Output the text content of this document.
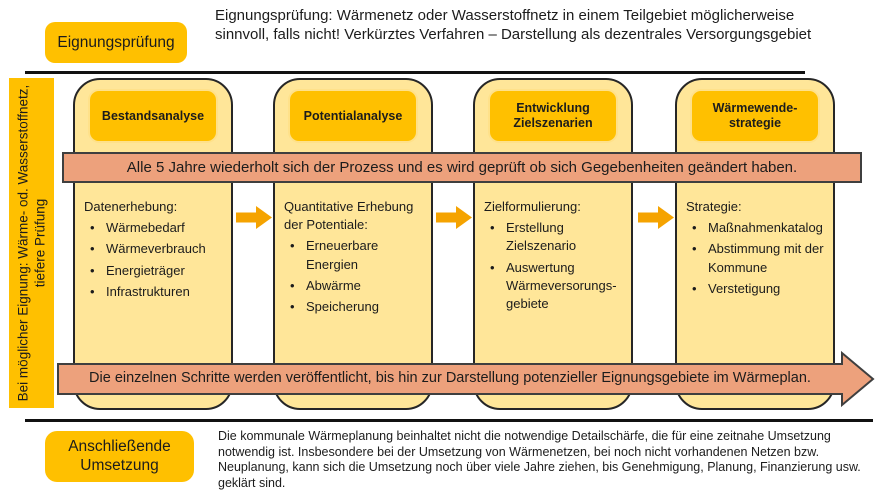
Eignungsprüfung
Eignungsprüfung: Wärmenetz oder Wasserstoffnetz in einem Teilgebiet möglicherweise sinnvoll, falls nicht! Verkürztes Verfahren – Darstellung als dezentrales Versorgungsgebiet
Bei möglicher Eignung: Wärme- od. Wasserstoffnetz, tiefere Prüfung
Bestandsanalyse

Datenerhebung:

• Wärmebedarf
• Wärmeverbrauch
• Energieträger
• Infrastrukturen
Potentialanalyse

Quantitative Erhebung der Potentiale:

• Erneuerbare Energien
• Abwärme
• Speicherung
Entwicklung Zielszenarien

Zielformulierung:

• Erstellung Zielszenario
• Auswertung Wärmeversorungs-gebiete
Wärmewende-strategie

Strategie:

• Maßnahmenkatalog
• Abstimmung mit der Kommune
• Verstetigung
Alle 5 Jahre wiederholt sich der Prozess und es wird geprüft ob sich Gegebenheiten geändert haben.
Die einzelnen Schritte werden veröffentlicht, bis hin zur Darstellung potenzieller Eignungsgebiete im Wärmeplan.
Anschließende Umsetzung
Die kommunale Wärmeplanung beinhaltet nicht die notwendige Detailschärfe, die für eine zeitnahe Umsetzung notwendig ist. Insbesondere bei der Umsetzung von Wärmenetzen, bei noch nicht vorhandenen Netzen bzw. Neuplanung, kann sich die Umsetzung noch über viele Jahre ziehen, bis Genehmigung, Planung, Finanzierung usw. geklärt sind.
